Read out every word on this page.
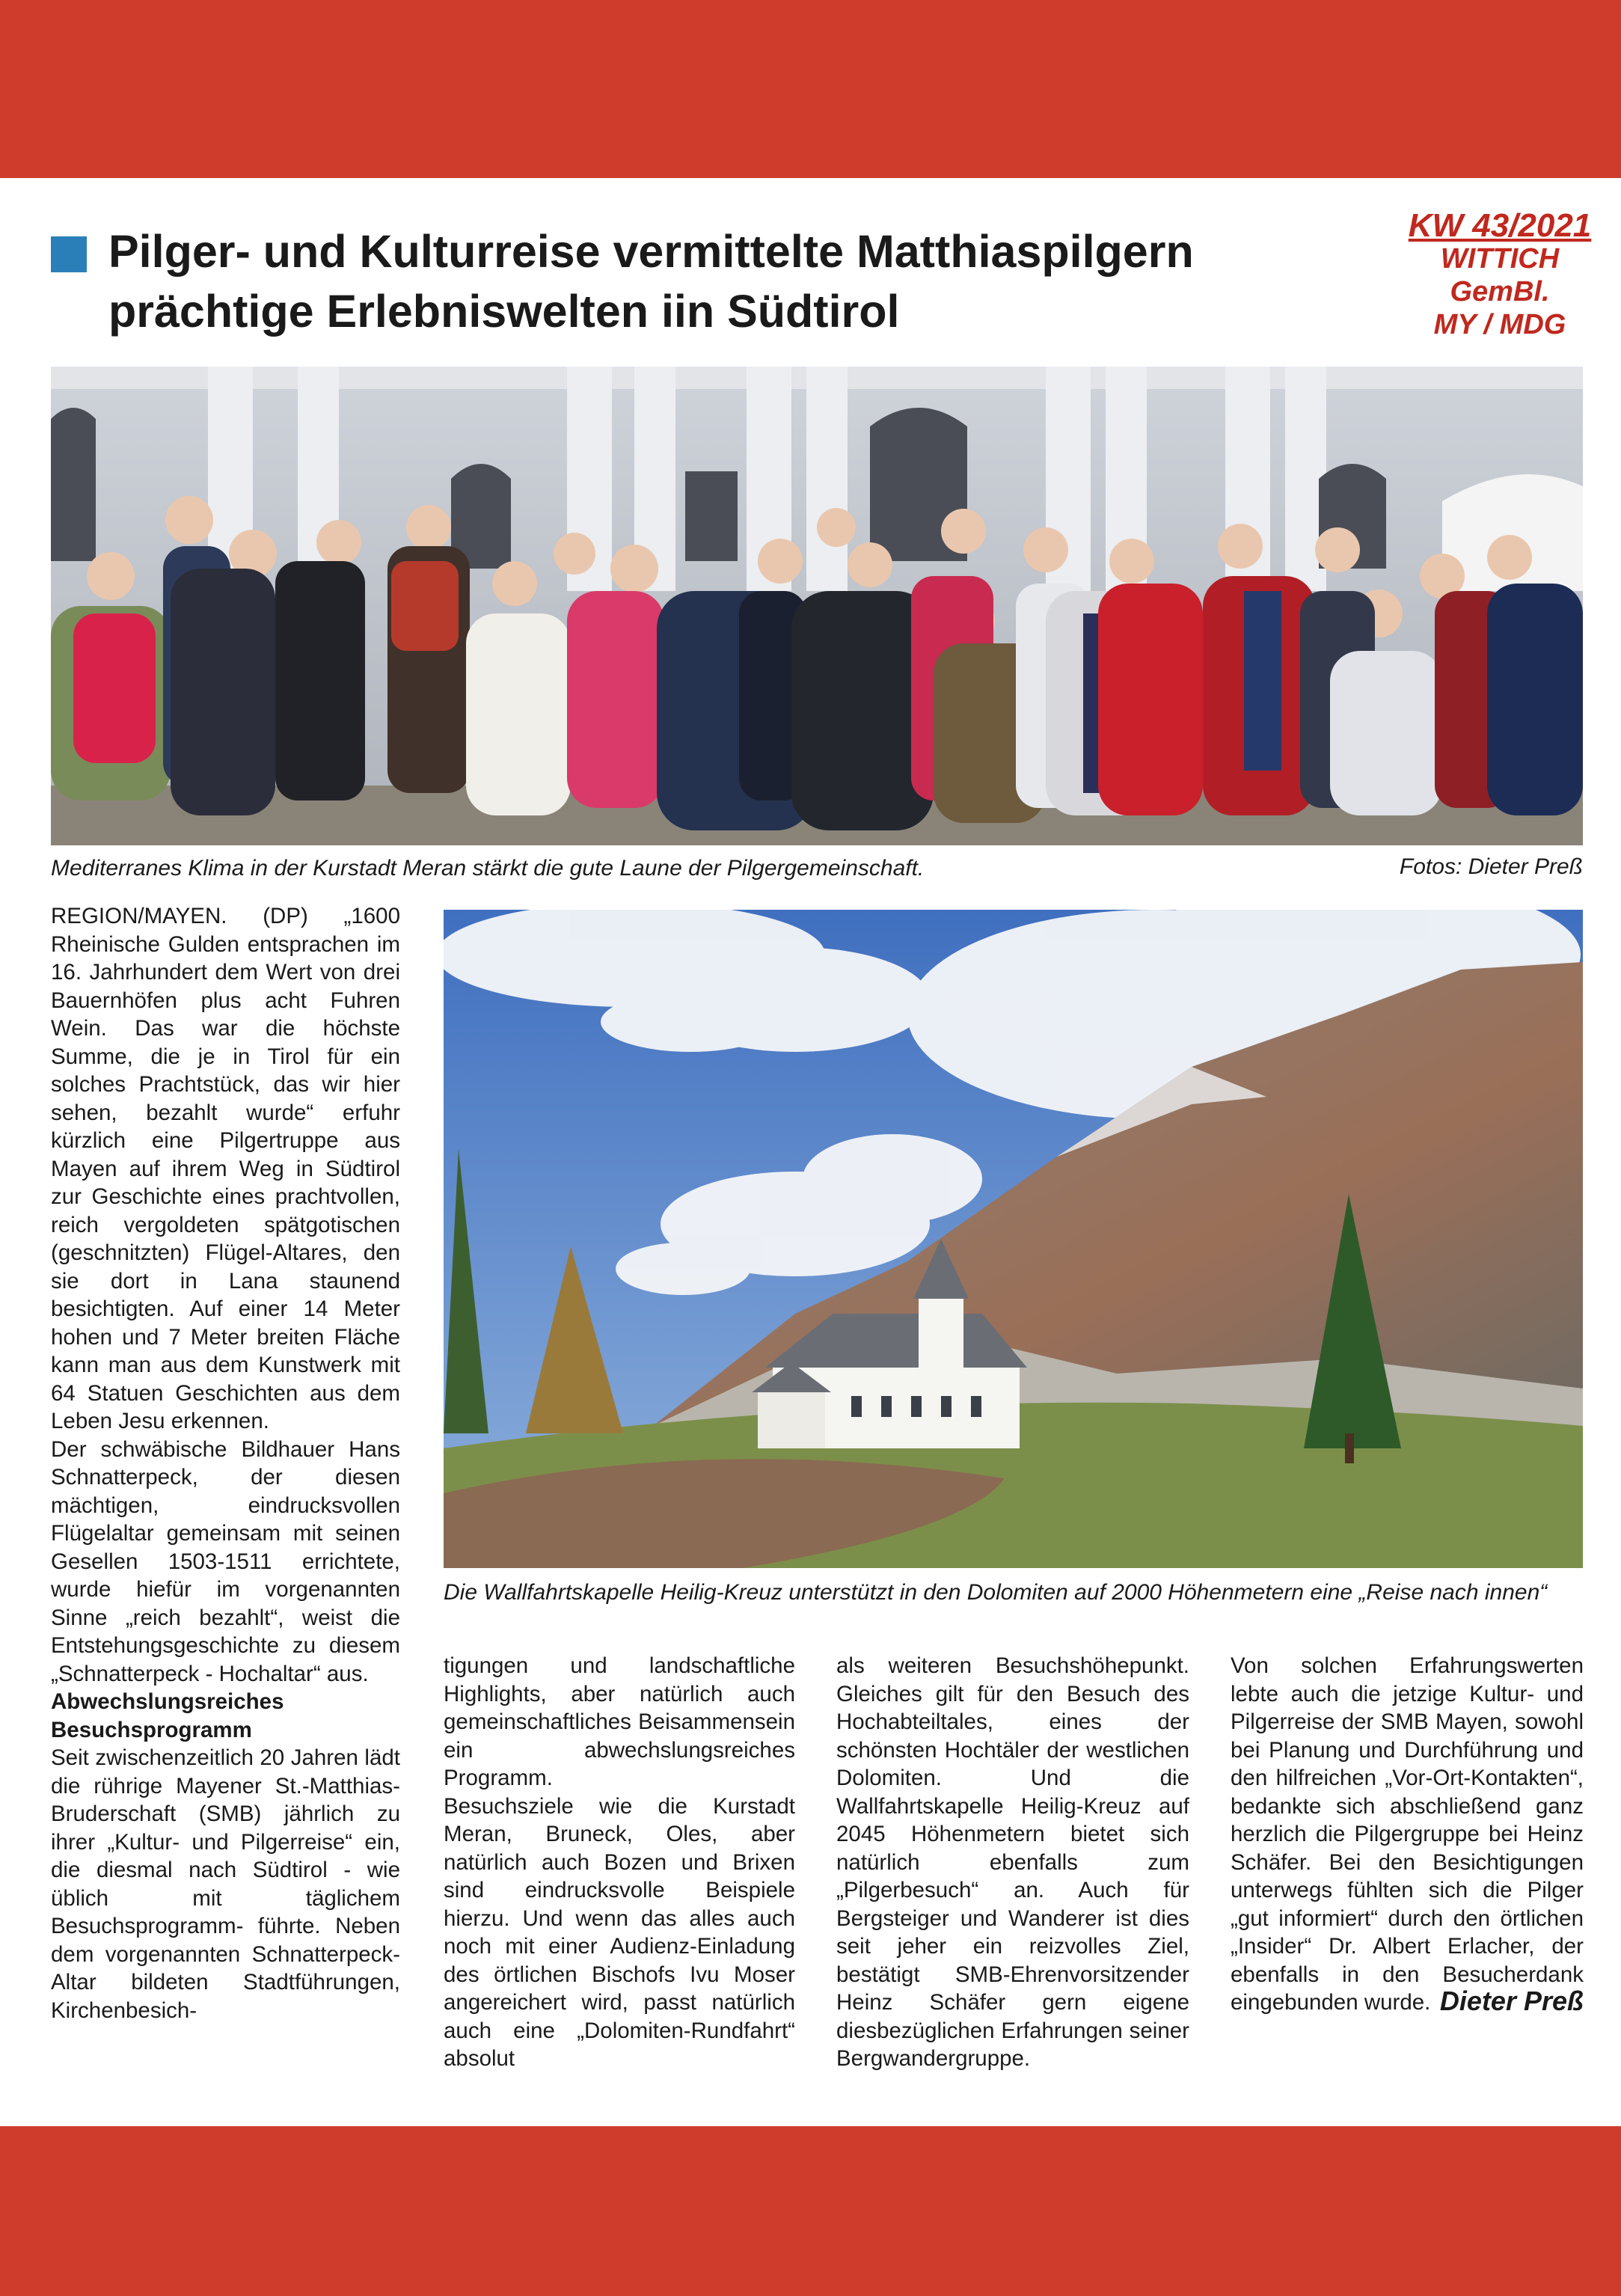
Pilger- und Kulturreise vermittelte Matthiaspilgern
prächtige Erlebniswelten iin Südtirol
KW 43/2021
WITTICH
GemBl.
MY / MDG
Mediterranes Klima in der Kurstadt Meran stärkt die gute Laune der Pilgergemeinschaft.	Fotos: Dieter Preß
Die Wallfahrtskapelle Heilig-Kreuz unterstützt in den Dolomiten auf 2000 Höhenmetern eine „Reise nach innen“

REGION/MAYEN. (DP) „1600 Rheinische Gulden entsprachen im 16. Jahrhundert dem Wert von drei Bauernhöfen plus acht Fuhren Wein. Das war die höchste Summe, die je in Tirol für ein solches Prachtstück, das wir hier sehen, bezahlt wurde“ erfuhr kürzlich eine Pilgertruppe aus Mayen auf ihrem Weg in Südtirol zur Geschichte eines prachtvollen, reich vergoldeten spätgotischen (geschnitzten) Flügel-Altares, den sie dort in Lana staunend besichtigten. Auf einer 14 Meter hohen und 7 Meter breiten Fläche kann man aus dem Kunstwerk mit 64 Statuen Geschichten aus dem Leben Jesu erkennen.

Der schwäbische Bildhauer Hans Schnatterpeck, der diesen mächtigen, eindrucksvollen Flügelaltar gemeinsam mit seinen Gesellen 1503-1511 errichtete, wurde hiefür im vorgenannten Sinne „reich bezahlt“, weist die Entstehungsgeschichte zu diesem „Schnatterpeck - Hochaltar“ aus.

Abwechslungsreiches Besuchsprogramm

Seit zwischenzeitlich 20 Jahren lädt die rührige Mayener St.-Matthias-Bruderschaft (SMB) jährlich zu ihrer „Kultur- und Pilgerreise“ ein, die diesmal nach Südtirol - wie üblich mit täglichem Besuchsprogramm- führte. Neben dem vorgenannten Schnatterpeck-Altar bildeten Stadtführungen, Kirchenbesich-

tigungen und landschaftliche Highlights, aber natürlich auch gemeinschaftliches Beisammensein ein abwechslungsreiches Programm.

Besuchsziele wie die Kurstadt Meran, Bruneck, Oles, aber natürlich auch Bozen und Brixen sind eindrucksvolle Beispiele hierzu. Und wenn das alles auch noch mit einer Audienz-Einladung des örtlichen Bischofs Ivu Moser angereichert wird, passt natürlich auch eine „Dolomiten-Rundfahrt“ absolut

als weiteren Besuchshöhepunkt. Gleiches gilt für den Besuch des Hochabteiltales, eines der schönsten Hochtäler der westlichen Dolomiten. Und die Wallfahrtskapelle Heilig-Kreuz auf 2045 Höhenmetern bietet sich natürlich ebenfalls zum „Pilgerbesuch“ an. Auch für Bergsteiger und Wanderer ist dies seit jeher ein reizvolles Ziel, bestätigt SMB-Ehrenvorsitzender Heinz Schäfer gern eigene diesbezüglichen Erfahrungen seiner Bergwandergruppe.

Von solchen Erfahrungswerten lebte auch die jetzige Kultur- und Pilgerreise der SMB Mayen, sowohl bei Planung und Durchführung und den hilfreichen „Vor-Ort-Kontakten“, bedankte sich abschließend ganz herzlich die Pilgergruppe bei Heinz Schäfer. Bei den Besichtigungen unterwegs fühlten sich die Pilger „gut informiert“ durch den örtlichen „Insider“ Dr. Albert Erlacher, der ebenfalls in den Besucherdank eingebunden wurde. Dieter Preß
